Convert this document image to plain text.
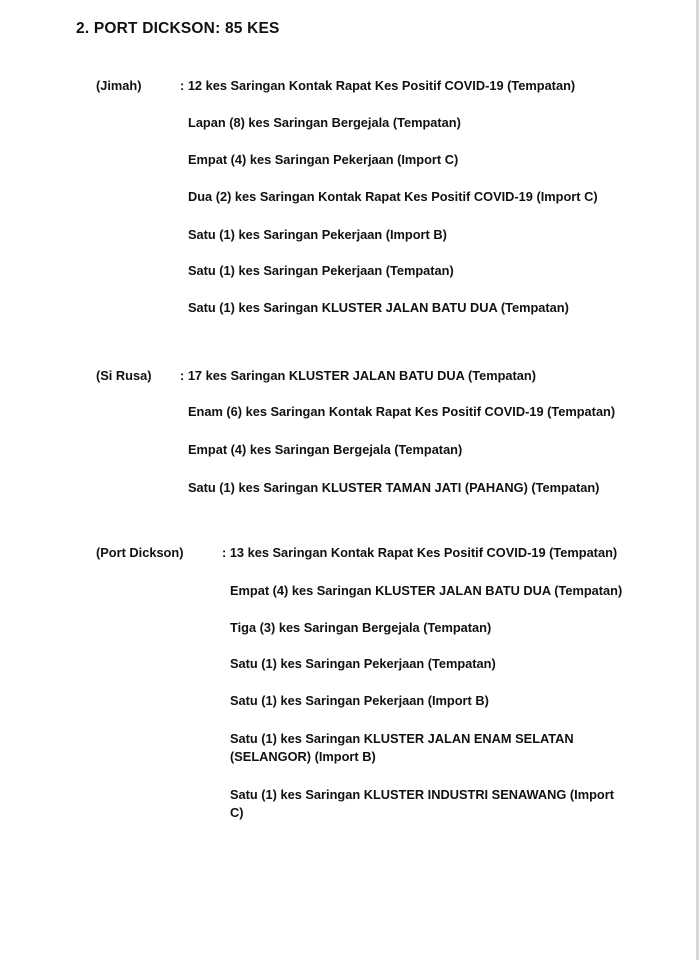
2. PORT DICKSON: 85 KES
(Jimah)	: 12 kes Saringan Kontak Rapat Kes Positif COVID-19 (Tempatan)
Lapan (8) kes Saringan Bergejala (Tempatan)
Empat (4) kes Saringan Pekerjaan (Import C)
Dua (2) kes Saringan Kontak Rapat Kes Positif COVID-19 (Import C)
Satu (1) kes Saringan Pekerjaan (Import B)
Satu (1) kes Saringan Pekerjaan (Tempatan)
Satu (1) kes Saringan KLUSTER JALAN BATU DUA (Tempatan)
(Si Rusa) : 17 kes Saringan KLUSTER JALAN BATU DUA (Tempatan)
Enam (6) kes Saringan Kontak Rapat Kes Positif COVID-19 (Tempatan)
Empat (4) kes Saringan Bergejala (Tempatan)
Satu (1) kes Saringan KLUSTER TAMAN JATI (PAHANG) (Tempatan)
(Port Dickson)	: 13 kes Saringan Kontak Rapat Kes Positif COVID-19 (Tempatan)
Empat (4) kes Saringan KLUSTER JALAN BATU DUA (Tempatan)
Tiga (3) kes Saringan Bergejala (Tempatan)
Satu (1) kes Saringan Pekerjaan (Tempatan)
Satu (1) kes Saringan Pekerjaan (Import B)
Satu (1) kes Saringan KLUSTER JALAN ENAM SELATAN (SELANGOR) (Import B)
Satu (1) kes Saringan KLUSTER INDUSTRI SENAWANG (Import C)
